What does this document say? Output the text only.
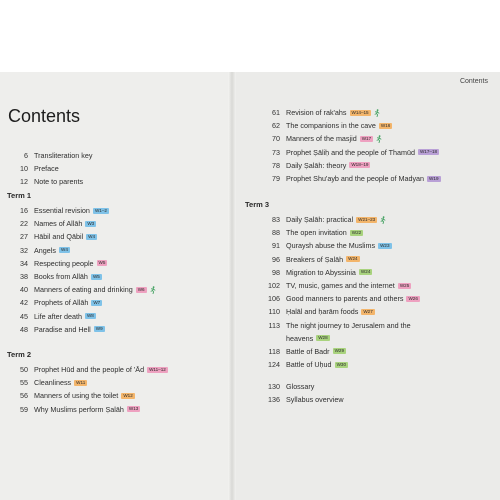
Contents
6 Transliteration key
10 Preface
12 Note to parents
Term 1
16 Essential revision	W1–2
22 Names of Allāh	W3
27 Hābil and Qābil	W4
32 Angels	W4
34 Respecting people	W5
38 Books from Allāh	W5
40 Manners of eating and drinking	W6
42 Prophets of Allāh	W7
45 Life after death	W8
48 Paradise and Hell	W9
Term 2
50 Prophet Hūd and the people of 'Ād	W11–12
55 Cleanliness	W11
56 Manners of using the toilet	W12
59 Why Muslims perform Ṣalāh	W13
Contents
61 Revision of rak'ahs	W14–15
62 The companions in the cave	W16
70 Manners of the masjid	W17
73 Prophet Ṣāliḥ and the people of Thamūd	W17–18
78 Daily Ṣalāh: theory	W18–19
79 Prophet Shu'ayb and the people of Madyan	W19
Term 3
83 Daily Ṣalāh: practical	W21–23
88 The open invitation	W22
91 Quraysh abuse the Muslims	W23
96 Breakers of Ṣalāh	W24
98 Migration to Abyssinia	W24
102 TV, music, games and the internet	W25
106 Good manners to parents and others	W26
110 Ḥalāl and ḥarām foods	W27
113 The night journey to Jerusalem and the
heavens	W28
118 Battle of Badr	W29
124 Battle of Uḥud	W30
130 Glossary
136 Syllabus overview
